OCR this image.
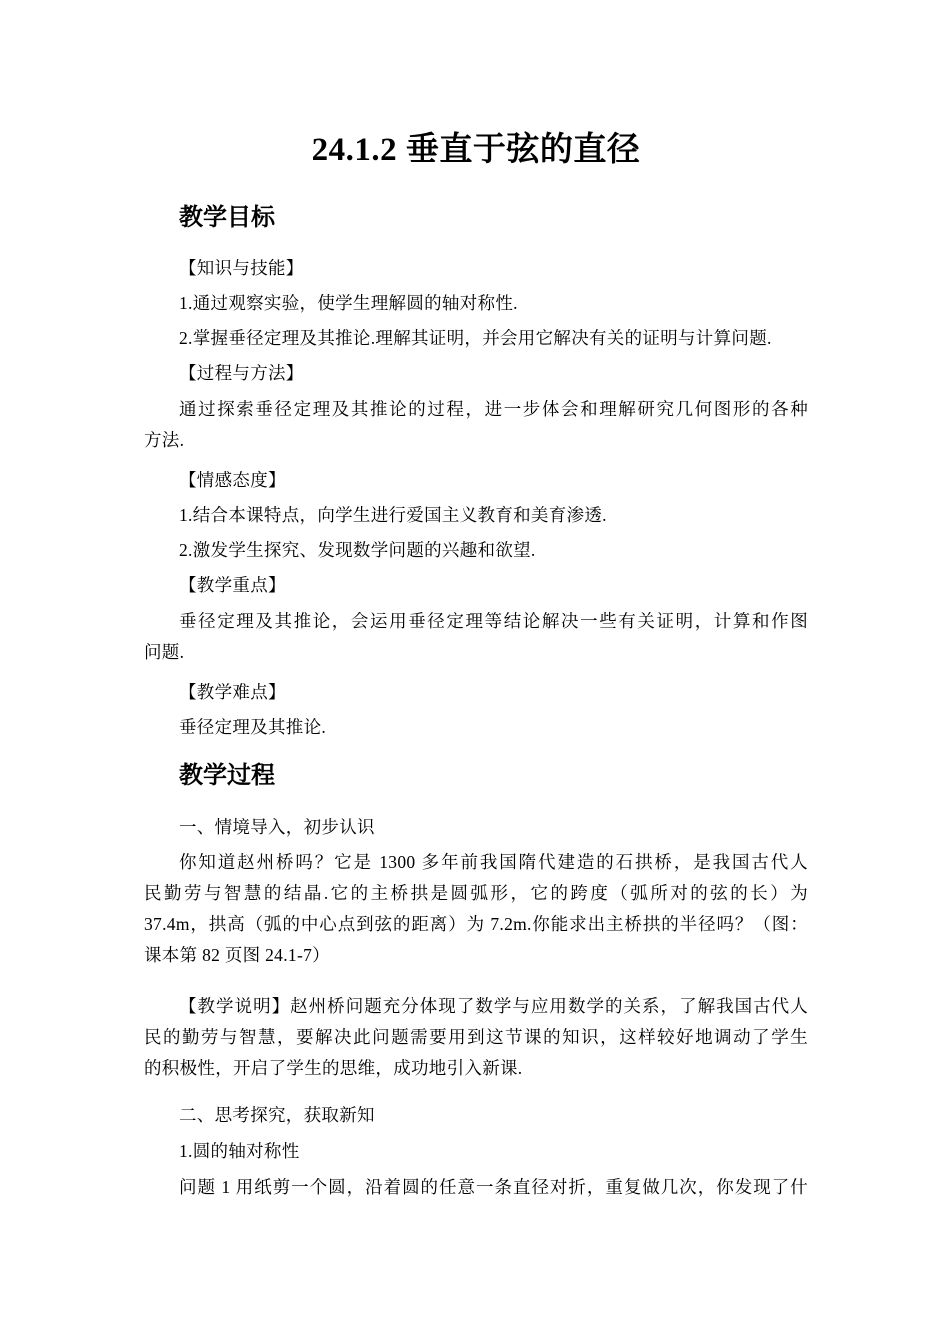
24.1.2 垂直于弦的直径
教学目标
【知识与技能】
1.通过观察实验，使学生理解圆的轴对称性.
2.掌握垂径定理及其推论.理解其证明，并会用它解决有关的证明与计算问题.
【过程与方法】
通过探索垂径定理及其推论的过程，进一步体会和理解研究几何图形的各种
方法.
【情感态度】
1.结合本课特点，向学生进行爱国主义教育和美育渗透.
2.激发学生探究、发现数学问题的兴趣和欲望.
【教学重点】
垂径定理及其推论，会运用垂径定理等结论解决一些有关证明，计算和作图
问题.
【教学难点】
垂径定理及其推论.
教学过程
一、情境导入，初步认识
你知道赵州桥吗？它是 1300 多年前我国隋代建造的石拱桥，是我国古代人
民勤劳与智慧的结晶.它的主桥拱是圆弧形，它的跨度（弧所对的弦的长）为
37.4m，拱高（弧的中心点到弦的距离）为 7.2m.你能求出主桥拱的半径吗？（图：
课本第 82 页图 24.1-7）
【教学说明】赵州桥问题充分体现了数学与应用数学的关系，了解我国古代人
民的勤劳与智慧，要解决此问题需要用到这节课的知识，这样较好地调动了学生
的积极性，开启了学生的思维，成功地引入新课.
二、思考探究，获取新知
1.圆的轴对称性
问题 1 用纸剪一个圆，沿着圆的任意一条直径对折，重复做几次，你发现了什
